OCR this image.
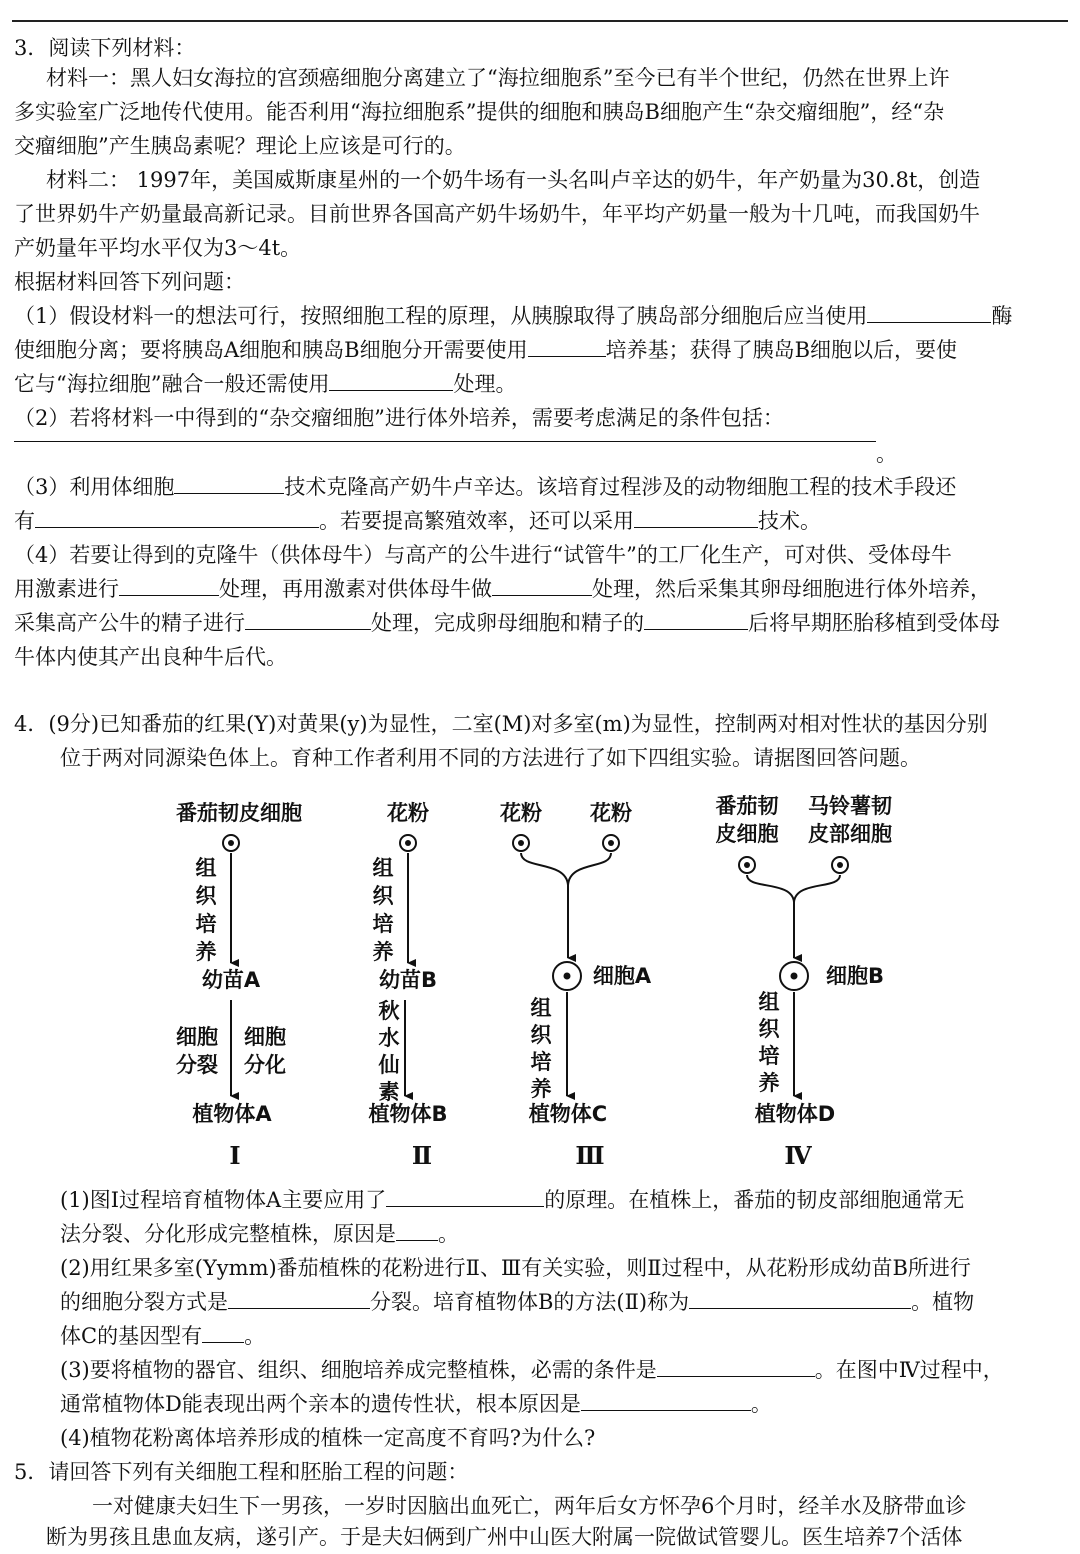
3．阅读下列材料：
材料一：黑人妇女海拉的宫颈癌细胞分离建立了“海拉细胞系”至今已有半个世纪，仍然在世界上许
多实验室广泛地传代使用。能否利用“海拉细胞系”提供的细胞和胰岛B细胞产生“杂交瘤细胞”，经“杂
交瘤细胞”产生胰岛素呢？理论上应该是可行的。
材料二： 1997年，美国威斯康星州的一个奶牛场有一头名叫卢辛达的奶牛，年产奶量为30.8t，创造
了世界奶牛产奶量最高新记录。目前世界各国高产奶牛场奶牛，年平均产奶量一般为十几吨，而我国奶牛
产奶量年平均水平仅为3～4t。
根据材料回答下列问题：
（1）假设材料一的想法可行，按照细胞工程的原理，从胰腺取得了胰岛部分细胞后应当使用	酶
使细胞分离；要将胰岛A细胞和胰岛B细胞分开需要使用	培养基；获得了胰岛B细胞以后，要使
它与“海拉细胞”融合一般还需使用	处理。
（2）若将材料一中得到的“杂交瘤细胞”进行体外培养，需要考虑满足的条件包括：
。
（3）利用体细胞	技术克隆高产奶牛卢辛达。该培育过程涉及的动物细胞工程的技术手段还
有	。若要提高繁殖效率，还可以采用	技术。
（4）若要让得到的克隆牛（供体母牛）与高产的公牛进行“试管牛”的工厂化生产，可对供、受体母牛
用激素进行	处理，再用激素对供体母牛做	处理，然后采集其卵母细胞进行体外培养，
采集高产公牛的精子进行	处理，完成卵母细胞和精子的	后将早期胚胎移植到受体母
牛体内使其产出良种牛后代。
4．(9分)已知番茄的红果(Y)对黄果(y)为显性，二室(M)对多室(m)为显性，控制两对相对性状的基因分别
位于两对同源染色体上。育种工作者利用不同的方法进行了如下四组实验。请据图回答问题。
番茄韧皮细胞
组
织
培
养
幼苗A
细胞
分裂
细胞
分化
植物体A
Ⅰ
花粉
组
织
培
养
幼苗B
秋
水
仙
素
植物体B
Ⅱ
花粉 花粉
细胞A
组
织
培
养
植物体C
Ⅲ
番茄韧
皮细胞
马铃薯韧
皮部细胞
细胞B
组
织
培
养
植物体D
Ⅳ
(1)图Ⅰ过程培育植物体A主要应用了	的原理。在植株上，番茄的韧皮部细胞通常无
法分裂、分化形成完整植株，原因是 。
(2)用红果多室(Yymm)番茄植株的花粉进行Ⅱ、Ⅲ有关实验，则Ⅱ过程中，从花粉形成幼苗B所进行
的细胞分裂方式是	分裂。培育植物体B的方法(Ⅱ)称为	。植物
体C的基因型有 。
(3)要将植物的器官、组织、细胞培养成完整植株，必需的条件是	。在图中Ⅳ过程中，
通常植物体D能表现出两个亲本的遗传性状，根本原因是	。
(4)植物花粉离体培养形成的植株一定高度不育吗?为什么?
5．请回答下列有关细胞工程和胚胎工程的问题：
一对健康夫妇生下一男孩，一岁时因脑出血死亡，两年后女方怀孕6个月时，经羊水及脐带血诊
断为男孩且患血友病，遂引产。于是夫妇俩到广州中山医大附属一院做试管婴儿。医生培养7个活体
